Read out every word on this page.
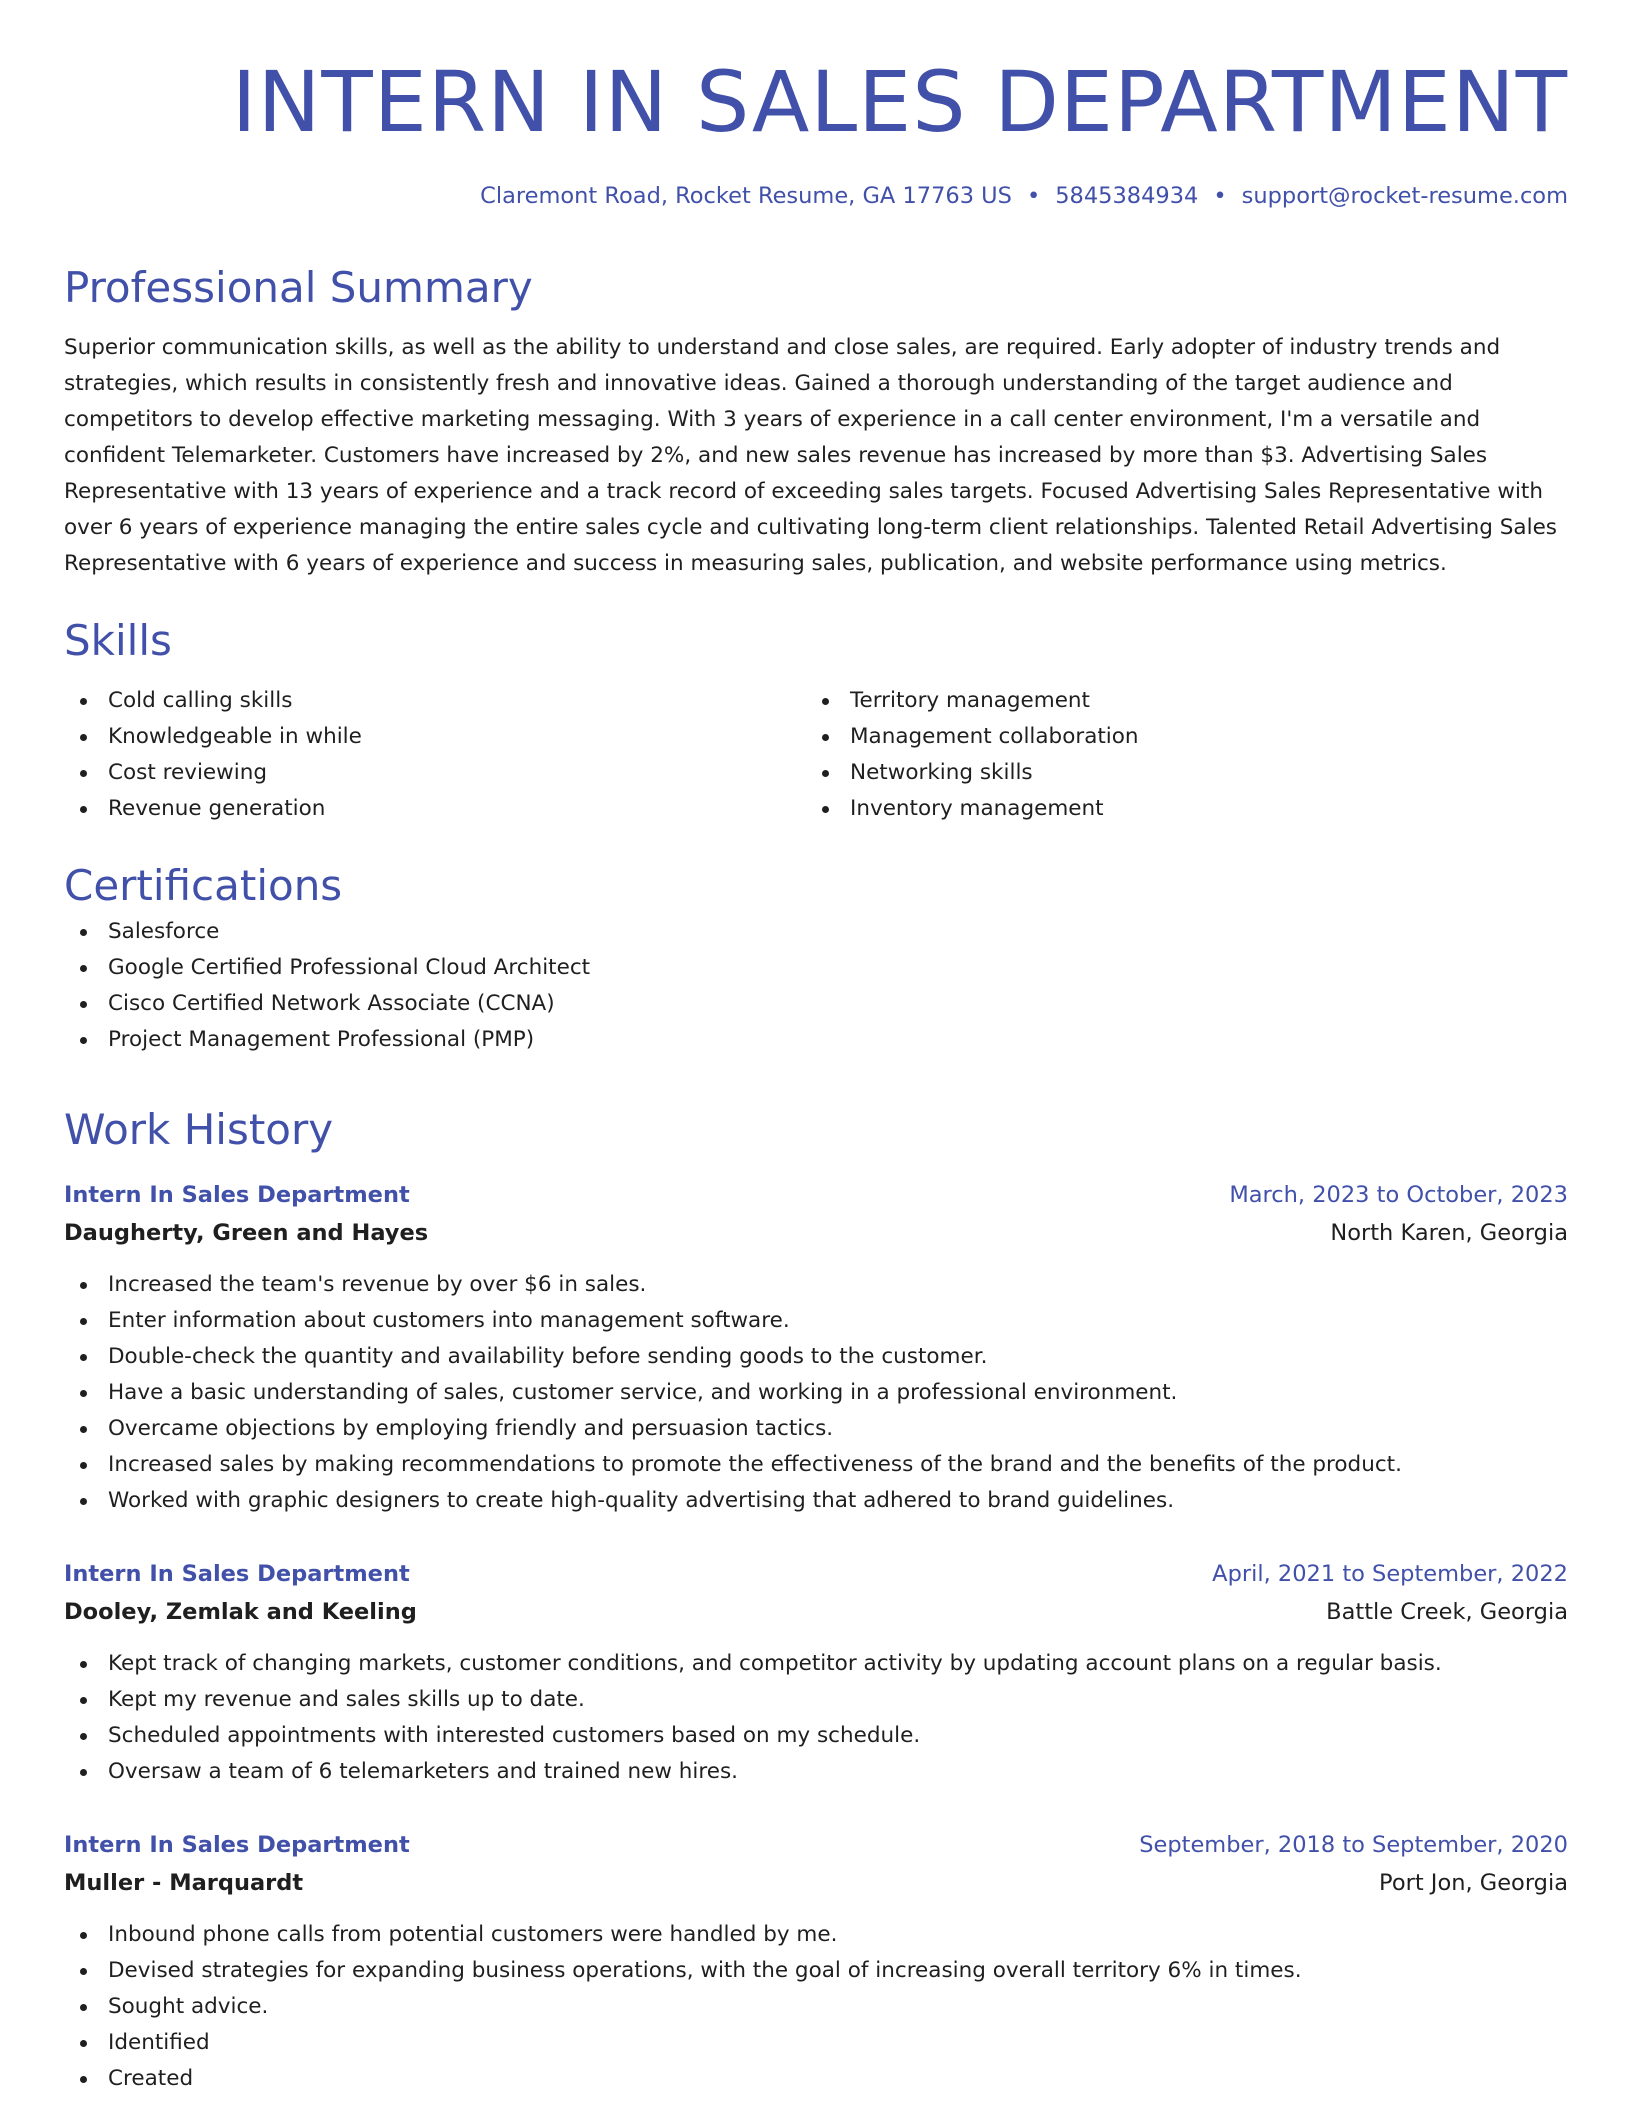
INTERN IN SALES DEPARTMENT
Claremont Road, Rocket Resume, GA 17763 US • 5845384934 • support@rocket-resume.com
Professional Summary

Superior communication skills, as well as the ability to understand and close sales, are required. Early adopter of industry trends and strategies, which results in consistently fresh and innovative ideas. Gained a thorough understanding of the target audience and competitors to develop effective marketing messaging. With 3 years of experience in a call center environment, I'm a versatile and confident Telemarketer. Customers have increased by 2%, and new sales revenue has increased by more than $3. Advertising Sales Representative with 13 years of experience and a track record of exceeding sales targets. Focused Advertising Sales Representative with over 6 years of experience managing the entire sales cycle and cultivating long-term client relationships. Talented Retail Advertising Sales Representative with 6 years of experience and success in measuring sales, publication, and website performance using metrics.

Skills
Cold calling skills
Knowledgeable in while
Cost reviewing
Revenue generation
Territory management
Management collaboration
Networking skills
Inventory management
Certifications
Salesforce
Google Certified Professional Cloud Architect
Cisco Certified Network Associate (CCNA)
Project Management Professional (PMP)
Work History
Intern In Sales Department	March, 2023 to October, 2023
Daugherty, Green and Hayes	North Karen, Georgia
Increased the team's revenue by over $6 in sales.
Enter information about customers into management software.
Double-check the quantity and availability before sending goods to the customer.
Have a basic understanding of sales, customer service, and working in a professional environment.
Overcame objections by employing friendly and persuasion tactics.
Increased sales by making recommendations to promote the effectiveness of the brand and the benefits of the product.
Worked with graphic designers to create high-quality advertising that adhered to brand guidelines.
Intern In Sales Department	April, 2021 to September, 2022
Dooley, Zemlak and Keeling	Battle Creek, Georgia
Kept track of changing markets, customer conditions, and competitor activity by updating account plans on a regular basis.
Kept my revenue and sales skills up to date.
Scheduled appointments with interested customers based on my schedule.
Oversaw a team of 6 telemarketers and trained new hires.
Intern In Sales Department	September, 2018 to September, 2020
Muller - Marquardt	Port Jon, Georgia
Inbound phone calls from potential customers were handled by me.
Devised strategies for expanding business operations, with the goal of increasing overall territory 6% in times.
Sought advice.
Identified
Created
